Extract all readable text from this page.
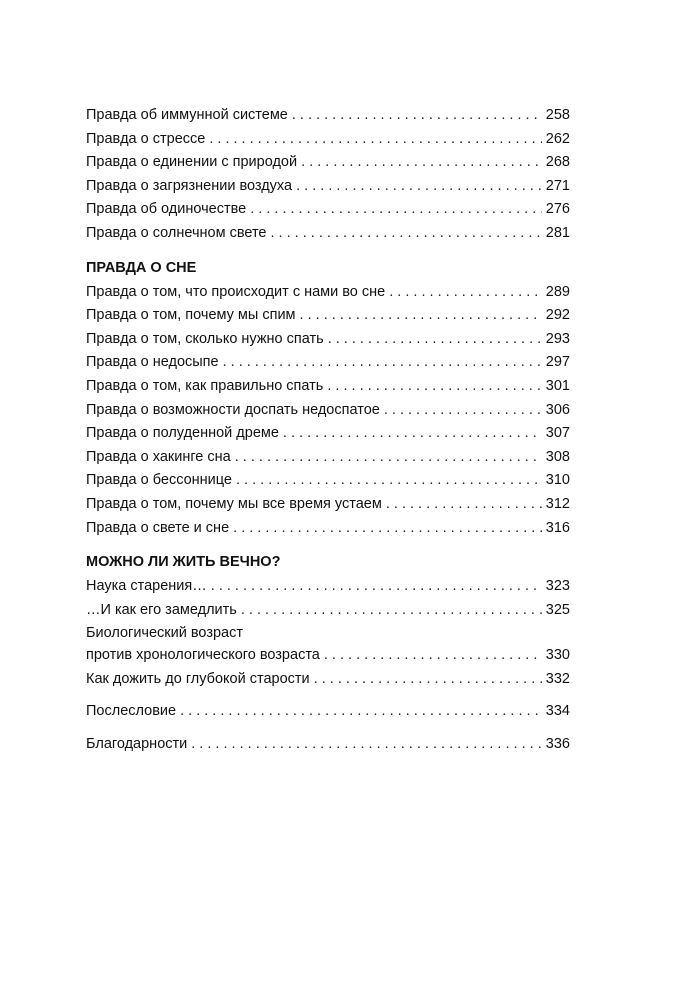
Правда об иммунной системе . . .	258
Правда о стрессе . . .	262
Правда о единении с природой . . .	268
Правда о загрязнении воздуха . . .	271
Правда об одиночестве . . .	276
Правда о солнечном свете . . .	281
ПРАВДА О СНЕ
Правда о том, что происходит с нами во сне . . .	289
Правда о том, почему мы спим . . .	292
Правда о том, сколько нужно спать . . .	293
Правда о недосыпе . . .	297
Правда о том, как правильно спать . . .	301
Правда о возможности доспать недоспатое . . .	306
Правда о полуденной дреме . . .	307
Правда о хакинге сна . . .	308
Правда о бессоннице . . .	310
Правда о том, почему мы все время устаем . . .	312
Правда о свете и сне . . .	316
МОЖНО ЛИ ЖИТЬ ВЕЧНО?
Наука старения… . . .	323
…И как его замедлить . . .	325
Биологический возраст
против хронологического возраста . . .	330
Как дожить до глубокой старости . . .	332
Послесловие . . .	334
Благодарности . . .	336
